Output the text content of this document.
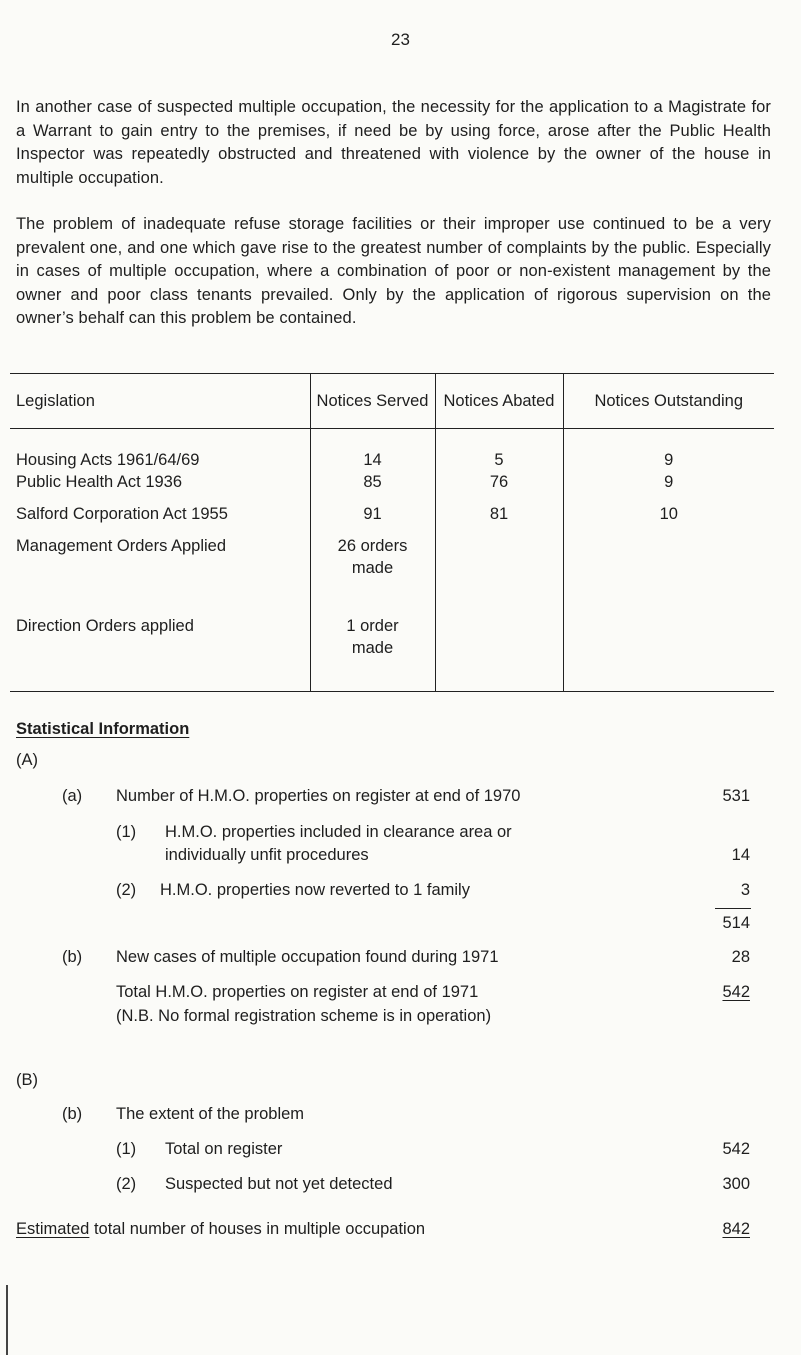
23
In another case of suspected multiple occupation, the necessity for the application to a Magistrate for a Warrant to gain entry to the premises, if need be by using force, arose after the Public Health Inspector was repeatedly obstructed and threatened with violence by the owner of the house in multiple occupation.
The problem of inadequate refuse storage facilities or their improper use continued to be a very prevalent one, and one which gave rise to the greatest number of complaints by the public. Especially in cases of multiple occupation, where a combination of poor or non-existent management by the owner and poor class tenants prevailed. Only by the application of rigorous supervision on the owner’s behalf can this problem be contained.
Legislation	Notices Served	Notices Abated	Notices Outstanding
Housing Acts 1961/64/69	14	5	9
Public Health Act 1936	85	76	9
Salford Corporation Act 1955	91	81	10
Management Orders Applied	26 orders made		

Direction Orders applied	1 order made		

Statistical Information
(A)
(a) Number of H.M.O. properties on register at end of 1970	531
(1) H.M.O. properties included in clearance area or
individually unfit procedures	14
(2) H.M.O. properties now reverted to 1 family	3
514
(b) New cases of multiple occupation found during 1971	28
Total H.M.O. properties on register at end of 1971	542
(N.B. No formal registration scheme is in operation)
(B)
(b) The extent of the problem
(1) Total on register	542
(2) Suspected but not yet detected	300
Estimated total number of houses in multiple occupation	842
